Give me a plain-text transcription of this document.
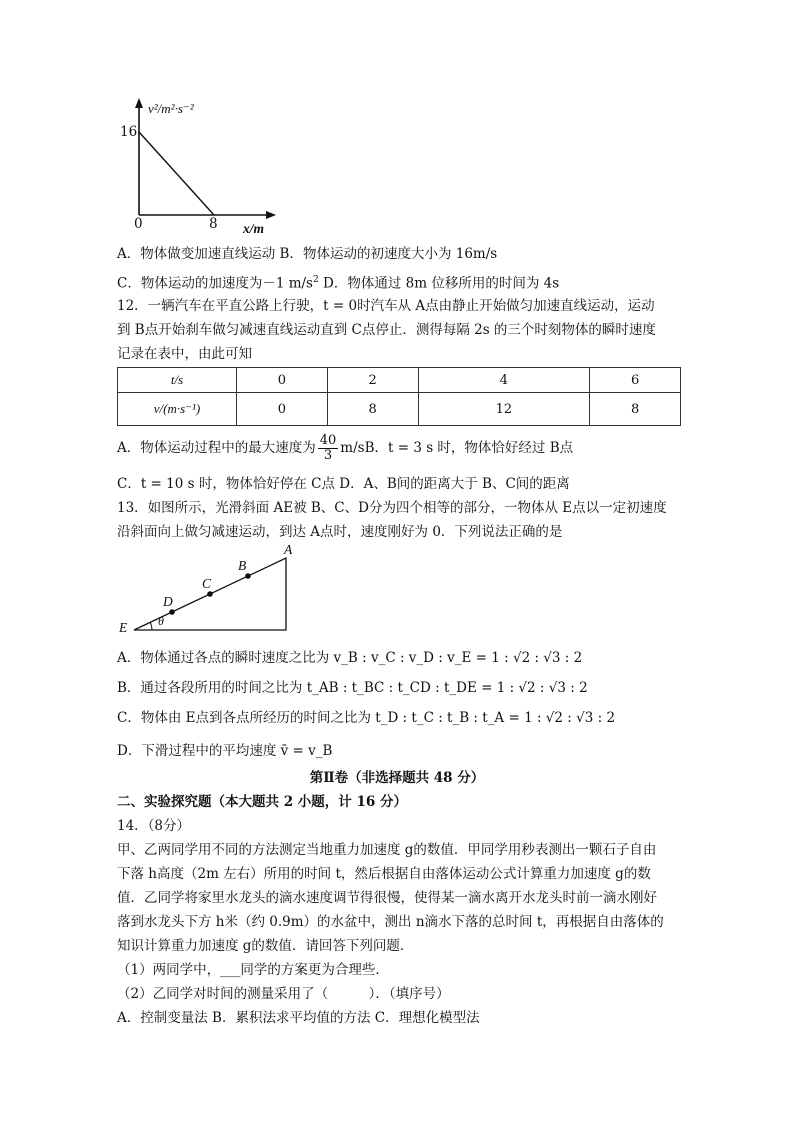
v²/m²·s⁻²
16
0	8 x/m
A．物体做变加速直线运动 B．物体运动的初速度大小为 16m/s
C．物体运动的加速度为－1 $m/s^2$ D．物体通过 8m 位移所用的时间为 4s
12．一辆汽车在平直公路上行驶，t = 0时汽车从 A点由静止开始做匀加速直线运动，运动
到 B点开始刹车做匀减速直线运动直到 C点停止．测得每隔 2s 的三个时刻物体的瞬时速度
记录在表中，由此可知
t/s	0	2	4	6
v/(m·s⁻¹)	0	8	12	8
A．物体运动过程中的最大速度为 $\frac{40}{3} m/sB$．t = 3 s 时，物体恰好经过 B点
C．t = 10 s 时，物体恰好停在 C点 D．A、B间的距离大于 B、C间的距离
13．如图所示，光滑斜面 AE被 B、C、D分为四个相等的部分，一物体从 E点以一定初速度
沿斜面向上做匀减速运动，到达 A点时，速度刚好为 0．下列说法正确的是
A
B
C
D
E	θ
A．物体通过各点的瞬时速度之比为 v_B : v_C : v_D : v_E = 1 : √2 : √3 : 2
B．通过各段所用的时间之比为 t_AB : t_BC : t_CD : t_DE = 1 : √2 : √3 : 2
C．物体由 E点到各点所经历的时间之比为 t_D : t_C : t_B : t_A = 1 : √2 : √3 : 2
D．下滑过程中的平均速度 v̄ = v_B
第Ⅱ卷（非选择题共 48 分）
二、实验探究题（本大题共 2 小题，计 16 分）
14．（8分）
甲、乙两同学用不同的方法测定当地重力加速度 g的数值．甲同学用秒表测出一颗石子自由
下落 h高度（2m 左右）所用的时间 t，然后根据自由落体运动公式计算重力加速度 g的数
值．乙同学将家里水龙头的滴水速度调节得很慢，使得某一滴水离开水龙头时前一滴水刚好
落到水龙头下方 h米（约 0.9m）的水盆中，测出 n滴水下落的总时间 t，再根据自由落体的
知识计算重力加速度 g的数值．请回答下列问题．
（1）两同学中，___同学的方案更为合理些．
（2）乙同学对时间的测量采用了（　　　）．（填序号）
A．控制变量法 B．累积法求平均值的方法 C．理想化模型法
